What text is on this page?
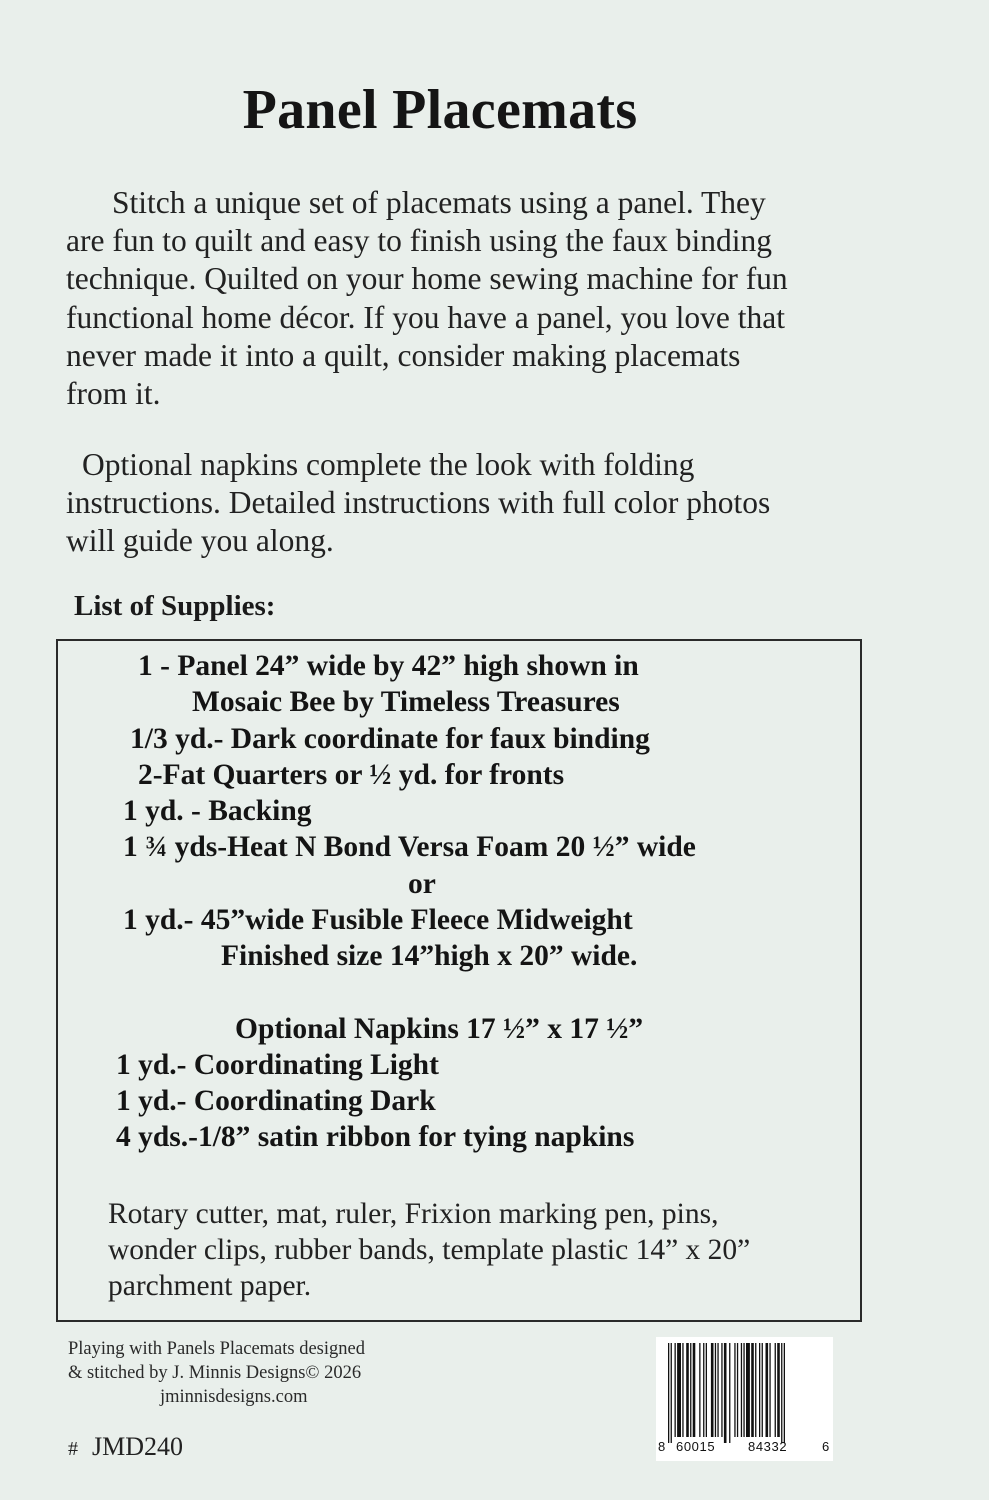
Panel Placemats
Stitch a unique set of placemats using a panel. They
are fun to quilt and easy to finish using the faux binding
technique. Quilted on your home sewing machine for fun
functional home décor. If you have a panel, you love that
never made it into a quilt, consider making placemats
from it.
Optional napkins complete the look with folding
instructions. Detailed instructions with full color photos
will guide you along.
List of Supplies:
1 - Panel 24” wide by 42” high shown in
Mosaic Bee by Timeless Treasures
1/3 yd.- Dark coordinate for faux binding
2-Fat Quarters or ½ yd. for fronts
1 yd. - Backing
1 ¾ yds-Heat N Bond Versa Foam 20 ½” wide
or
1 yd.- 45”wide Fusible Fleece Midweight
Finished size 14”high x 20” wide.
Optional Napkins 17 ½” x 17 ½”
1 yd.- Coordinating Light
1 yd.- Coordinating Dark
4 yds.-1/8” satin ribbon for tying napkins
Rotary cutter, mat, ruler, Frixion marking pen, pins,
wonder clips, rubber bands, template plastic 14” x 20”
parchment paper.
Playing with Panels Placemats designed
& stitched by J. Minnis Designs© 2026
jminnisdesigns.com
# JMD240	8 60015	84332	6
